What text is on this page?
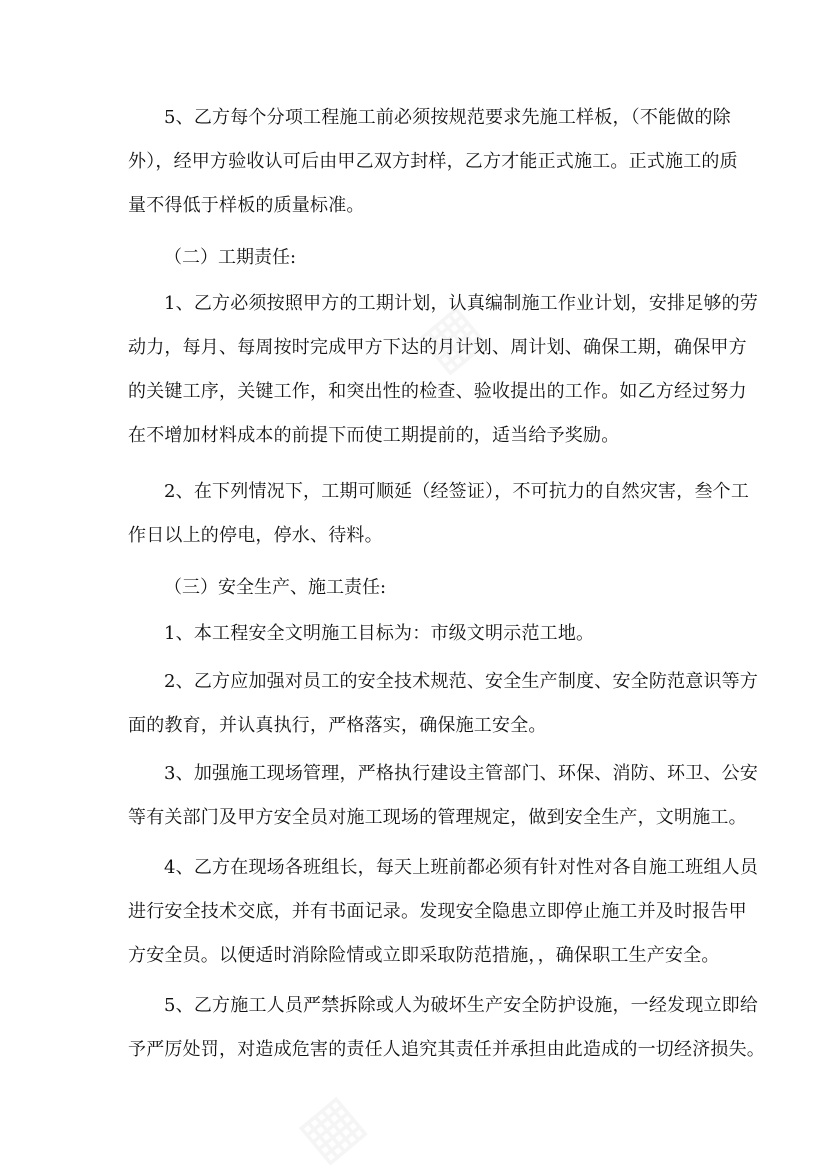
▦
▦
5、乙方每个分项工程施工前必须按规范要求先施工样板，（不能做的除
外），经甲方验收认可后由甲乙双方封样，乙方才能正式施工。正式施工的质
量不得低于样板的质量标准。
（二）工期责任:
1、乙方必须按照甲方的工期计划，认真编制施工作业计划，安排足够的劳
动力，每月、每周按时完成甲方下达的月计划、周计划、确保工期，确保甲方
的关键工序，关键工作，和突出性的检查、验收提出的工作。如乙方经过努力
在不增加材料成本的前提下而使工期提前的，适当给予奖励。
2、在下列情况下，工期可顺延（经签证），不可抗力的自然灾害，叁个工
作日以上的停电，停水、待料。
（三）安全生产、施工责任:
1、本工程安全文明施工目标为：市级文明示范工地。
2、乙方应加强对员工的安全技术规范、安全生产制度、安全防范意识等方
面的教育，并认真执行，严格落实，确保施工安全。
3、加强施工现场管理，严格执行建设主管部门、环保、消防、环卫、公安
等有关部门及甲方安全员对施工现场的管理规定，做到安全生产，文明施工。
4、乙方在现场各班组长，每天上班前都必须有针对性对各自施工班组人员
进行安全技术交底，并有书面记录。发现安全隐患立即停止施工并及时报告甲
方安全员。以便适时消除险情或立即采取防范措施，，确保职工生产安全。
5、乙方施工人员严禁拆除或人为破坏生产安全防护设施，一经发现立即给
予严厉处罚，对造成危害的责任人追究其责任并承担由此造成的一切经济损失。
